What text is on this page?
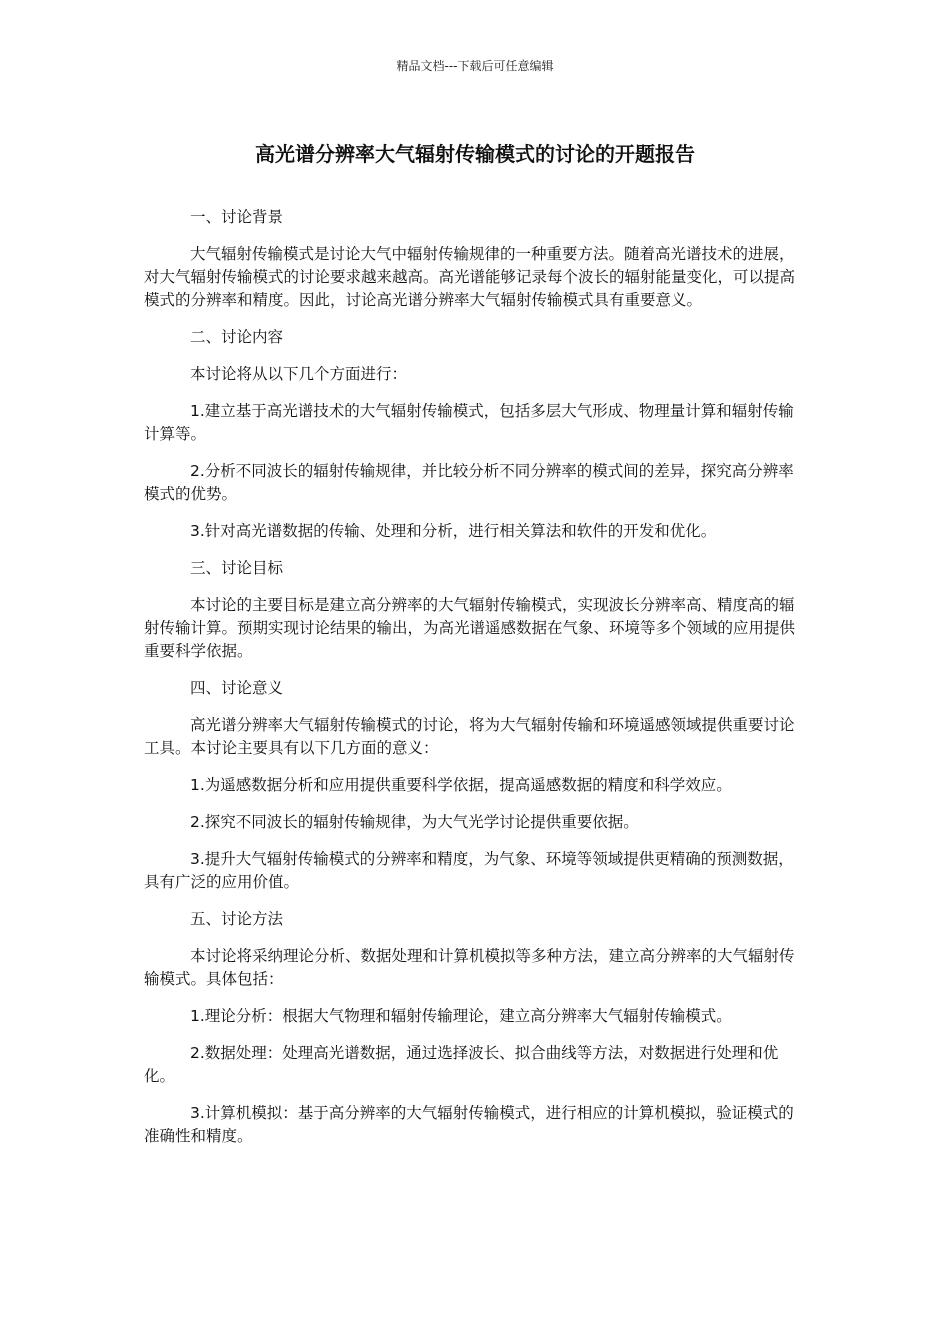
精品文档---下载后可任意编辑
高光谱分辨率大气辐射传输模式的讨论的开题报告

一、讨论背景

大气辐射传输模式是讨论大气中辐射传输规律的一种重要方法。随着高光谱技术的进展，对大气辐射传输模式的讨论要求越来越高。高光谱能够记录每个波长的辐射能量变化，可以提高模式的分辨率和精度。因此，讨论高光谱分辨率大气辐射传输模式具有重要意义。

二、讨论内容

本讨论将从以下几个方面进行：

1.建立基于高光谱技术的大气辐射传输模式，包括多层大气形成、物理量计算和辐射传输计算等。

2.分析不同波长的辐射传输规律，并比较分析不同分辨率的模式间的差异，探究高分辨率模式的优势。

3.针对高光谱数据的传输、处理和分析，进行相关算法和软件的开发和优化。

三、讨论目标

本讨论的主要目标是建立高分辨率的大气辐射传输模式，实现波长分辨率高、精度高的辐射传输计算。预期实现讨论结果的输出，为高光谱遥感数据在气象、环境等多个领域的应用提供重要科学依据。

四、讨论意义

高光谱分辨率大气辐射传输模式的讨论，将为大气辐射传输和环境遥感领域提供重要讨论工具。本讨论主要具有以下几方面的意义：

1.为遥感数据分析和应用提供重要科学依据，提高遥感数据的精度和科学效应。

2.探究不同波长的辐射传输规律，为大气光学讨论提供重要依据。

3.提升大气辐射传输模式的分辨率和精度，为气象、环境等领域提供更精确的预测数据，具有广泛的应用价值。

五、讨论方法

本讨论将采纳理论分析、数据处理和计算机模拟等多种方法，建立高分辨率的大气辐射传输模式。具体包括：

1.理论分析：根据大气物理和辐射传输理论，建立高分辨率大气辐射传输模式。

2.数据处理：处理高光谱数据，通过选择波长、拟合曲线等方法，对数据进行处理和优化。

3.计算机模拟：基于高分辨率的大气辐射传输模式，进行相应的计算机模拟，验证模式的准确性和精度。
